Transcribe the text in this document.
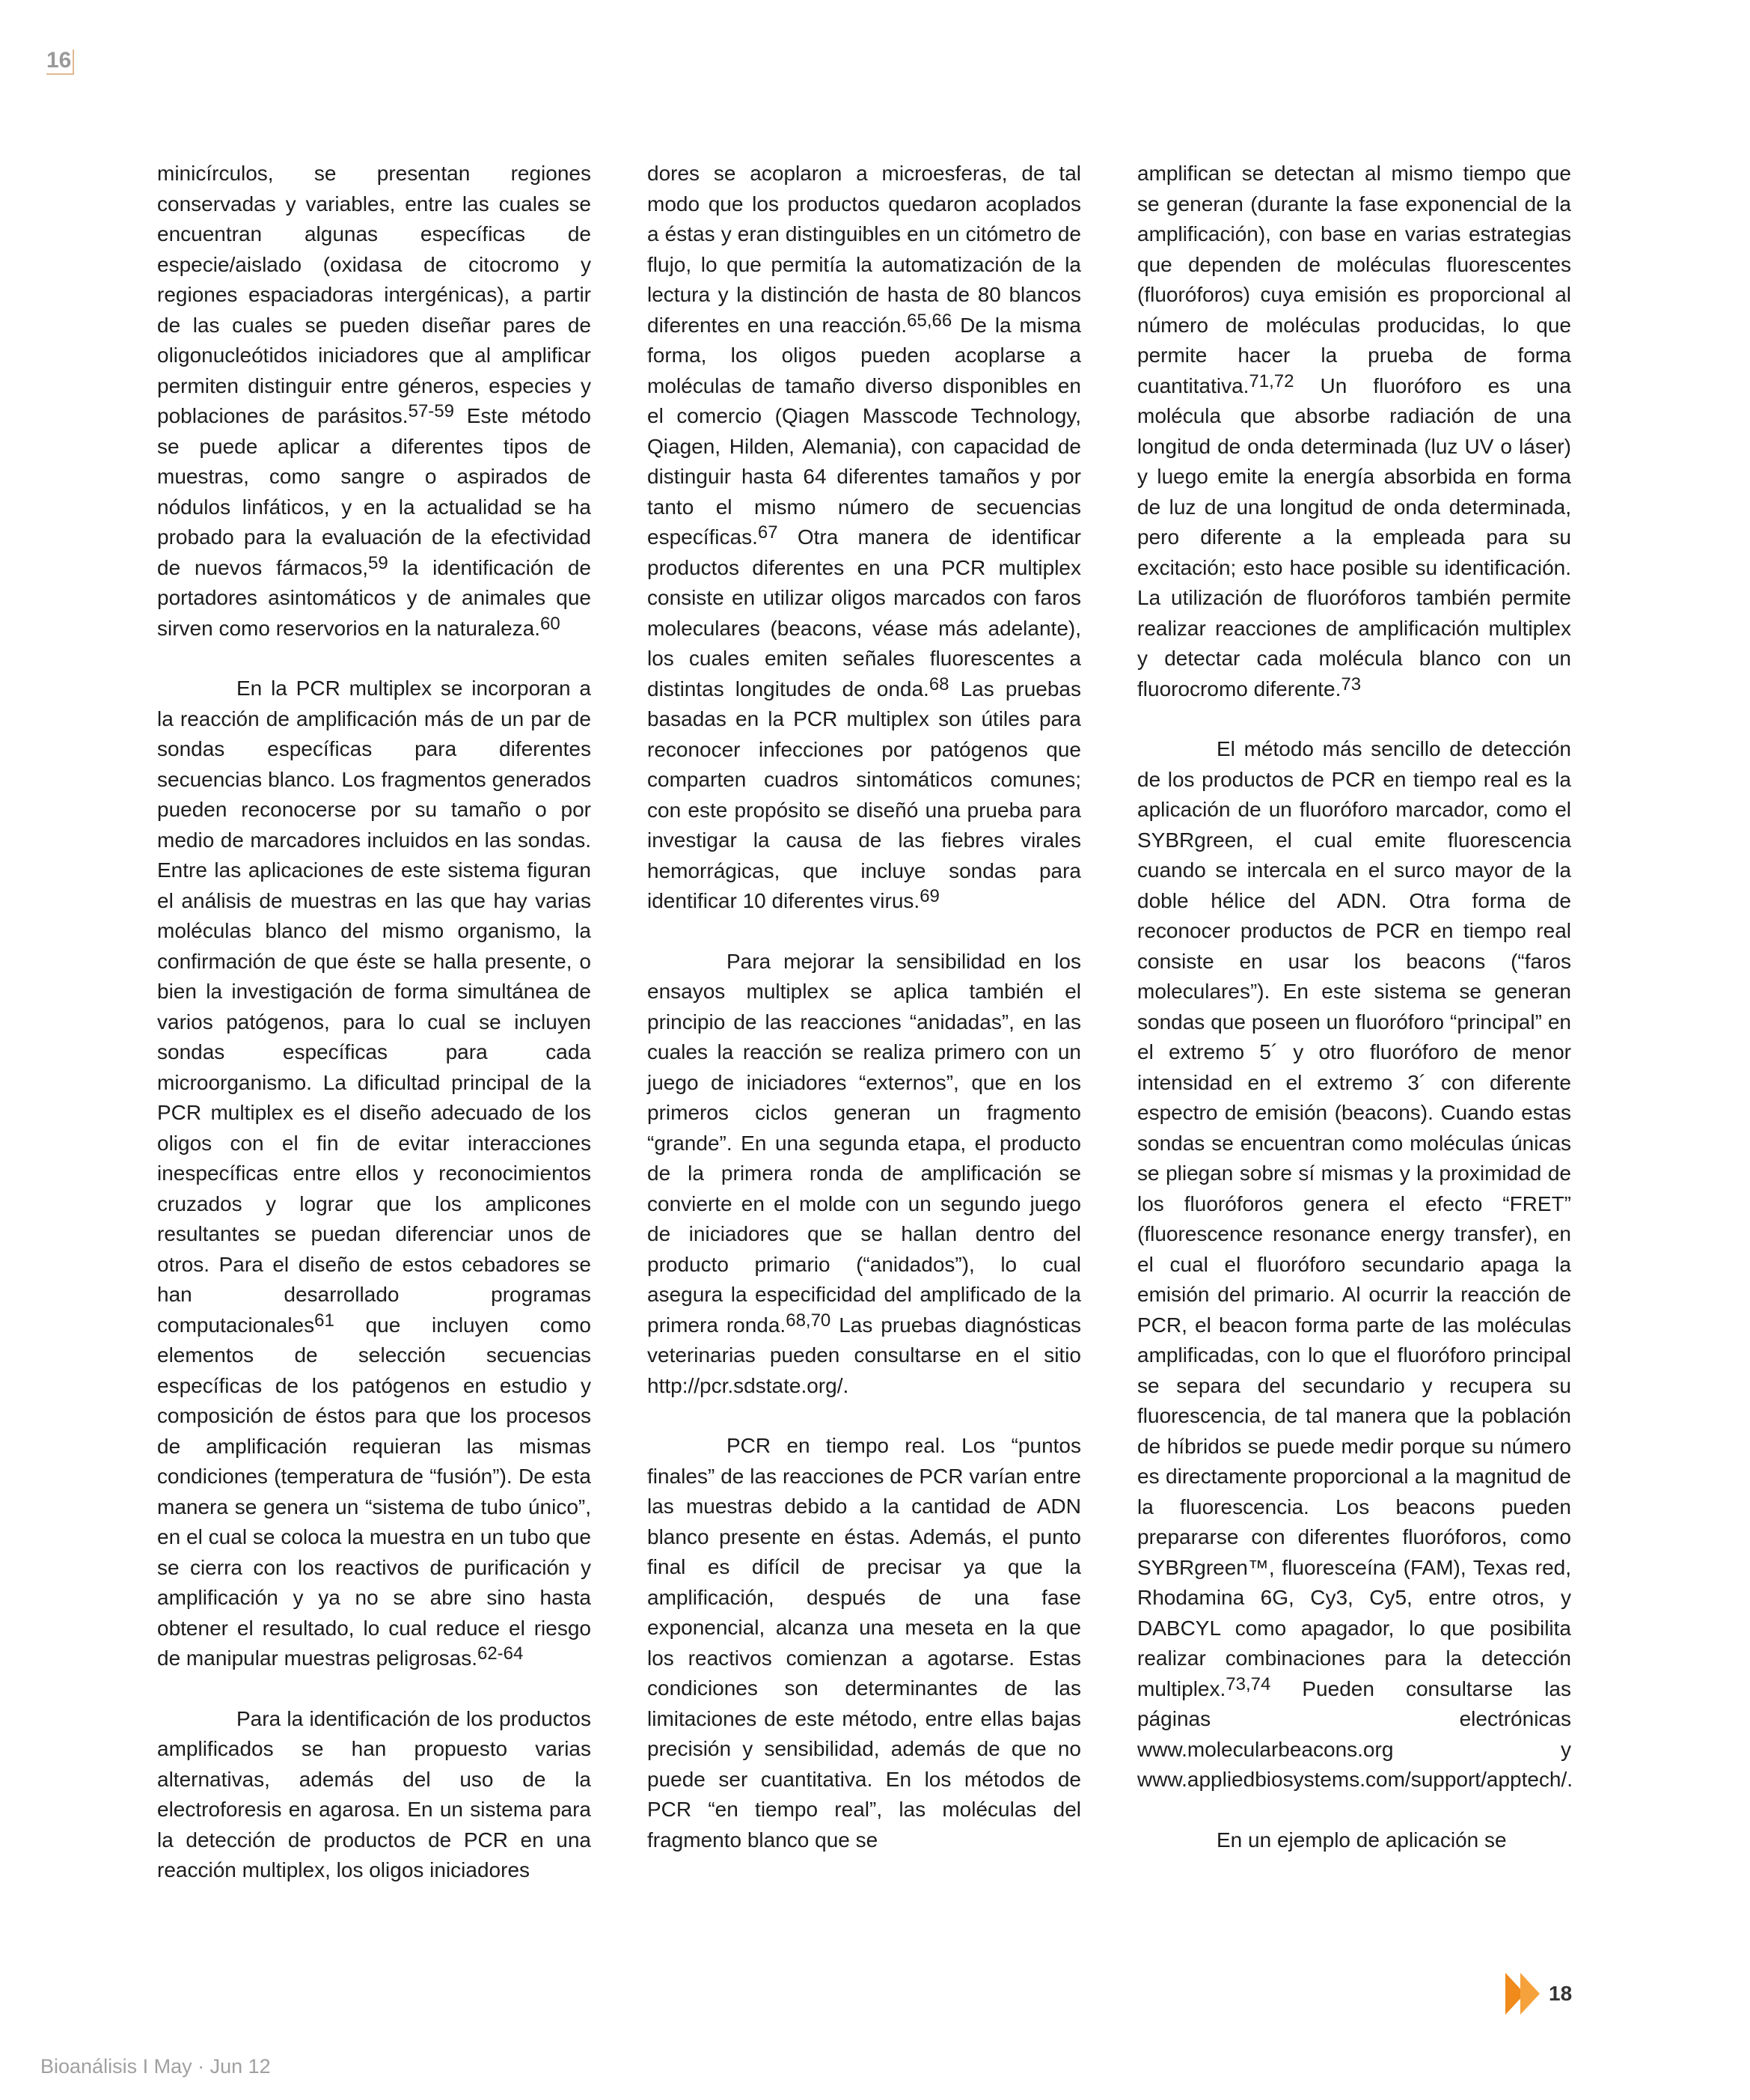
16

minicírculos, se presentan regiones conservadas y variables, entre las cuales se encuentran algunas específicas de especie/aislado (oxidasa de citocromo y regiones espaciadoras intergénicas), a partir de las cuales se pueden diseñar pares de oligonucleótidos iniciadores que al amplificar permiten distinguir entre géneros, especies y poblaciones de parásitos.$^{57-59}$ Este método se puede aplicar a diferentes tipos de muestras, como sangre o aspirados de nódulos linfáticos, y en la actualidad se ha probado para la evaluación de la efectividad de nuevos fármacos,$^{59}$ la identificación de portadores asintomáticos y de animales que sirven como reservorios en la naturaleza.$^{60}$

En la PCR multiplex se incorporan a la reacción de amplificación más de un par de sondas específicas para diferentes secuencias blanco. Los fragmentos generados pueden reconocerse por su tamaño o por medio de marcadores incluidos en las sondas. Entre las aplicaciones de este sistema figuran el análisis de muestras en las que hay varias moléculas blanco del mismo organismo, la confirmación de que éste se halla presente, o bien la investigación de forma simultánea de varios patógenos, para lo cual se incluyen sondas específicas para cada microorganismo. La dificultad principal de la PCR multiplex es el diseño adecuado de los oligos con el fin de evitar interacciones inespecíficas entre ellos y reconocimientos cruzados y lograr que los amplicones resultantes se puedan diferenciar unos de otros. Para el diseño de estos cebadores se han desarrollado programas computacionales$^{61}$ que incluyen como elementos de selección secuencias específicas de los patógenos en estudio y composición de éstos para que los procesos de amplificación requieran las mismas condiciones (temperatura de “fusión”). De esta manera se genera un “sistema de tubo único”, en el cual se coloca la muestra en un tubo que se cierra con los reactivos de purificación y amplificación y ya no se abre sino hasta obtener el resultado, lo cual reduce el riesgo de manipular muestras peligrosas.$^{62-64}$

Para la identificación de los productos amplificados se han propuesto varias alternativas, además del uso de la electroforesis en agarosa. En un sistema para la detección de productos de PCR en una reacción multiplex, los oligos iniciadores

dores se acoplaron a microesferas, de tal modo que los productos quedaron acoplados a éstas y eran distinguibles en un citómetro de flujo, lo que permitía la automatización de la lectura y la distinción de hasta de 80 blancos diferentes en una reacción.$^{65,66}$ De la misma forma, los oligos pueden acoplarse a moléculas de tamaño diverso disponibles en el comercio (Qiagen Masscode Technology, Qiagen, Hilden, Alemania), con capacidad de distinguir hasta 64 diferentes tamaños y por tanto el mismo número de secuencias específicas.$^{67}$ Otra manera de identificar productos diferentes en una PCR multiplex consiste en utilizar oligos marcados con faros moleculares (beacons, véase más adelante), los cuales emiten señales fluorescentes a distintas longitudes de onda.$^{68}$ Las pruebas basadas en la PCR multiplex son útiles para reconocer infecciones por patógenos que comparten cuadros sintomáticos comunes; con este propósito se diseñó una prueba para investigar la causa de las fiebres virales hemorrágicas, que incluye sondas para identificar 10 diferentes virus.$^{69}$

Para mejorar la sensibilidad en los ensayos multiplex se aplica también el principio de las reacciones “anidadas”, en las cuales la reacción se realiza primero con un juego de iniciadores “externos”, que en los primeros ciclos generan un fragmento “grande”. En una segunda etapa, el producto de la primera ronda de amplificación se convierte en el molde con un segundo juego de iniciadores que se hallan dentro del producto primario (“anidados”), lo cual asegura la especificidad del amplificado de la primera ronda.$^{68,70}$ Las pruebas diagnósticas veterinarias pueden consultarse en el sitio http://pcr.sdstate.org/.

PCR en tiempo real. Los “puntos finales” de las reacciones de PCR varían entre las muestras debido a la cantidad de ADN blanco presente en éstas. Además, el punto final es difícil de precisar ya que la amplificación, después de una fase exponencial, alcanza una meseta en la que los reactivos comienzan a agotarse. Estas condiciones son determinantes de las limitaciones de este método, entre ellas bajas precisión y sensibilidad, además de que no puede ser cuantitativa. En los métodos de PCR “en tiempo real”, las moléculas del fragmento blanco que se

amplifican se detectan al mismo tiempo que se generan (durante la fase exponencial de la amplificación), con base en varias estrategias que dependen de moléculas fluorescentes (fluoróforos) cuya emisión es proporcional al número de moléculas producidas, lo que permite hacer la prueba de forma cuantitativa.$^{71,72}$ Un fluoróforo es una molécula que absorbe radiación de una longitud de onda determinada (luz UV o láser) y luego emite la energía absorbida en forma de luz de una longitud de onda determinada, pero diferente a la empleada para su excitación; esto hace posible su identificación. La utilización de fluoróforos también permite realizar reacciones de amplificación multiplex y detectar cada molécula blanco con un fluorocromo diferente.$^{73}$

El método más sencillo de detección de los productos de PCR en tiempo real es la aplicación de un fluoróforo marcador, como el SYBRgreen, el cual emite fluorescencia cuando se intercala en el surco mayor de la doble hélice del ADN. Otra forma de reconocer productos de PCR en tiempo real consiste en usar los beacons (“faros moleculares”). En este sistema se generan sondas que poseen un fluoróforo “principal” en el extremo 5´ y otro fluoróforo de menor intensidad en el extremo 3´ con diferente espectro de emisión (beacons). Cuando estas sondas se encuentran como moléculas únicas se pliegan sobre sí mismas y la proximidad de los fluoróforos genera el efecto “FRET” (fluorescence resonance energy transfer), en el cual el fluoróforo secundario apaga la emisión del primario. Al ocurrir la reacción de PCR, el beacon forma parte de las moléculas amplificadas, con lo que el fluoróforo principal se separa del secundario y recupera su fluorescencia, de tal manera que la población de híbridos se puede medir porque su número es directamente proporcional a la magnitud de la fluorescencia. Los beacons pueden prepararse con diferentes fluoróforos, como SYBRgreen™, fluoresceína (FAM), Texas red, Rhodamina 6G, Cy3, Cy5, entre otros, y DABCYL como apagador, lo que posibilita realizar combinaciones para la detección multiplex.$^{73,74}$ Pueden consultarse las páginas electrónicas www.molecularbeacons.org y www.appliedbiosystems.com/support/apptech/.

En un ejemplo de aplicación se

18
Bioanálisis I May · Jun 12
